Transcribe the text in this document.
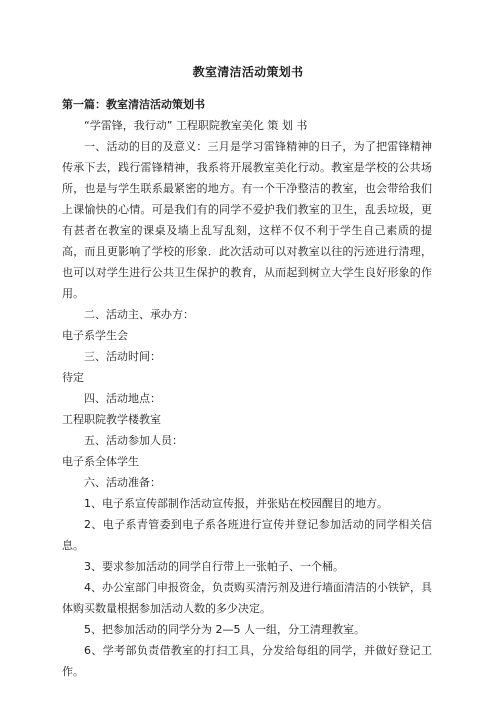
教室清洁活动策划书

第一篇：教室清洁活动策划书

“学雷锋，我行动” 工程职院教室美化 策 划 书

一、活动的目的及意义：三月是学习雷锋精神的日子，为了把雷锋精神传承下去，践行雷锋精神，我系将开展教室美化行动。教室是学校的公共场所，也是与学生联系最紧密的地方。有一个干净整洁的教室，也会带给我们上课愉快的心情。可是我们有的同学不爱护我们教室的卫生，乱丢垃圾，更有甚者在教室的课桌及墙上乱写乱刻，这样不仅不利于学生自己素质的提高，而且更影响了学校的形象．此次活动可以对教室以往的污迹进行清理，也可以对学生进行公共卫生保护的教育，从而起到树立大学生良好形象的作用。

二、活动主、承办方：

电子系学生会

三、活动时间：

待定

四、活动地点：

工程职院教学楼教室

五、活动参加人员：

电子系全体学生

六、活动准备：

1、电子系宣传部制作活动宣传报，并张贴在校园醒目的地方。

2、电子系青管委到电子系各班进行宣传并登记参加活动的同学相关信息。

3、要求参加活动的同学自行带上一张帕子、一个桶。

4、办公室部门申报资金，负责购买清污剂及进行墙面清洁的小铁铲，具体购买数量根据参加活动人数的多少决定。

5、把参加活动的同学分为 2—5 人一组，分工清理教室。

6、学考部负责借教室的打扫工具，分发给每组的同学，并做好登记工作。
